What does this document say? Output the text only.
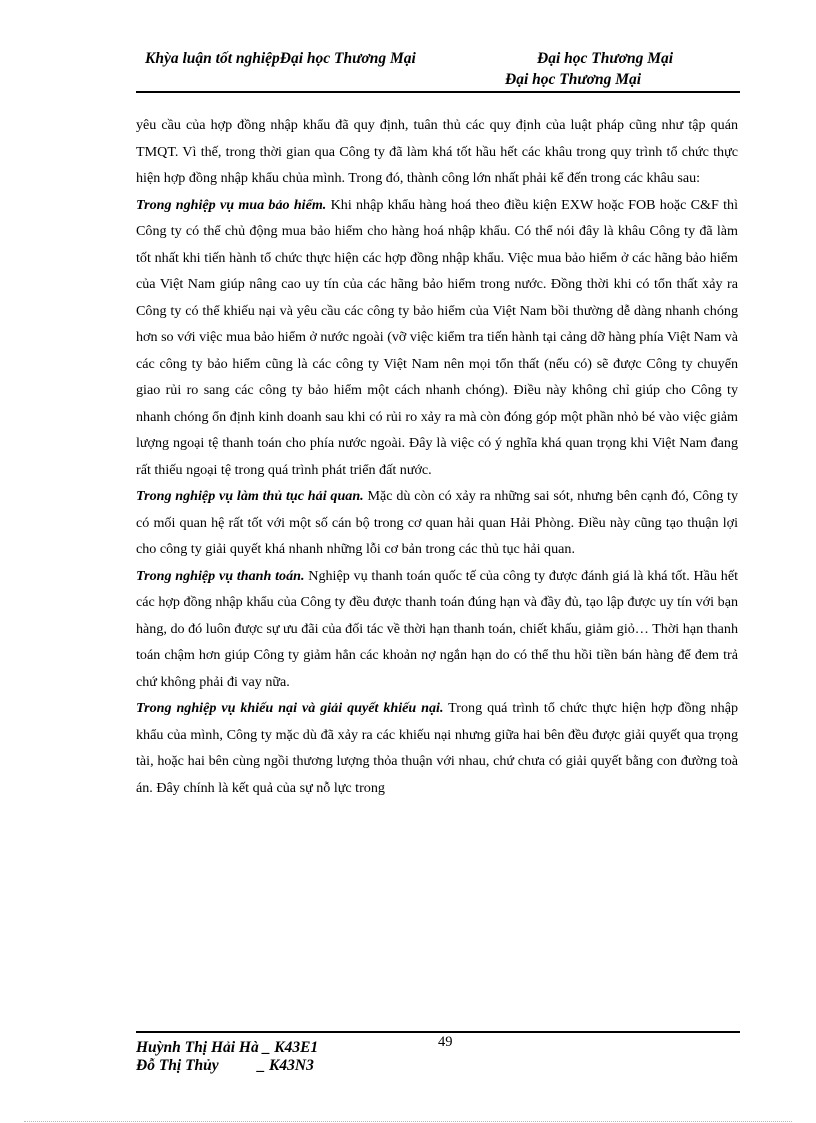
Khỳa luận tốt nghiệpĐại học Thương Mại	Đại học Thương Mại
Đại học Thương Mại

yêu cầu của hợp đồng nhập khẩu đã quy định, tuân thủ các quy định của luật pháp cũng như tập quán TMQT. Vì thế, trong thời gian qua Công ty đã làm khá tốt hầu hết các khâu trong quy trình tổ chức thực hiện hợp đồng nhập khẩu chủa mình. Trong đó, thành công lớn nhất phải kể đến trong các khâu sau:

Trong nghiệp vụ mua bảo hiểm. Khi nhập khẩu hàng hoá theo điều kiện EXW hoặc FOB hoặc C&F thì Công ty có thể chủ động mua bảo hiểm cho hàng hoá nhập khẩu. Có thể nói đây là khâu Công ty đã làm tốt nhất khi tiến hành tổ chức thực hiện các hợp đồng nhập khẩu. Việc mua bảo hiểm ở các hãng bảo hiểm của Việt Nam giúp nâng cao uy tín của các hãng bảo hiểm trong nước. Đồng thời khi có tổn thất xảy ra Công ty có thể khiếu nại và yêu cầu các công ty bảo hiểm của Việt Nam bồi thường dễ dàng nhanh chóng hơn so với việc mua bảo hiểm ở nước ngoài (vỡ việc kiểm tra tiến hành tại cảng dỡ hàng phía Việt Nam và các công ty bảo hiểm cũng là các công ty Việt Nam nên mọi tổn thất (nếu có) sẽ được Công ty chuyển giao rủi ro sang các công ty bảo hiểm một cách nhanh chóng). Điều này không chỉ giúp cho Công ty nhanh chóng ổn định kinh doanh sau khi có rủi ro xảy ra mà còn đóng góp một phần nhỏ bé vào việc giảm lượng ngoại tệ thanh toán cho phía nước ngoài. Đây là việc có ý nghĩa khá quan trọng khi Việt Nam đang rất thiếu ngoại tệ trong quá trình phát triển đất nước.

Trong nghiệp vụ làm thủ tục hải quan. Mặc dù còn có xảy ra những sai sót, nhưng bên cạnh đó, Công ty có mối quan hệ rất tốt với một số cán bộ trong cơ quan hải quan Hải Phòng. Điều này cũng tạo thuận lợi cho công ty giải quyết khá nhanh những lỗi cơ bản trong các thủ tục hải quan.

Trong nghiệp vụ thanh toán. Nghiệp vụ thanh toán quốc tế của công ty được đánh giá là khá tốt. Hầu hết các hợp đồng nhập khẩu của Công ty đều được thanh toán đúng hạn và đầy đủ, tạo lập được uy tín với bạn hàng, do đó luôn được sự ưu đãi của đối tác về thời hạn thanh toán, chiết khấu, giảm giỏ… Thời hạn thanh toán chậm hơn giúp Công ty giảm hẳn các khoản nợ ngắn hạn do có thể thu hồi tiền bán hàng để đem trả chứ không phải đi vay nữa.

Trong nghiệp vụ khiếu nại và giải quyết khiếu nại. Trong quá trình tổ chức thực hiện hợp đồng nhập khẩu của mình, Công ty mặc dù đã xảy ra các khiếu nại nhưng giữa hai bên đều được giải quyết qua trọng tài, hoặc hai bên cùng ngồi thương lượng thỏa thuận với nhau, chứ chưa có giải quyết bằng con đường toà án. Đây chính là kết quả của sự nỗ lực trong

Huỳnh Thị Hải Hà _ K43E1
Đỗ Thị Thủy          _ K43N3
49
